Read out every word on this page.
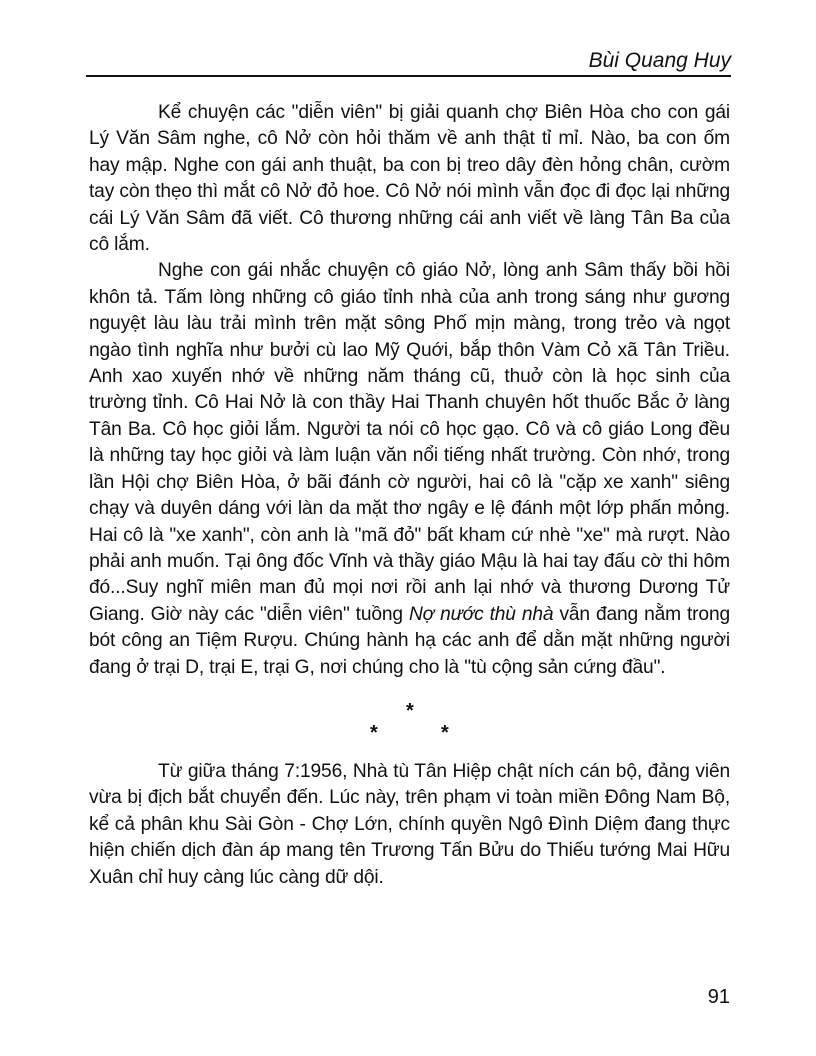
Bùi Quang Huy

Kể chuyện các "diễn viên" bị giải quanh chợ Biên Hòa cho con gái Lý Văn Sâm nghe, cô Nở còn hỏi thăm về anh thật tỉ mỉ. Nào, ba con ốm hay mập. Nghe con gái anh thuật, ba con bị treo dây đèn hỏng chân, cườm tay còn thẹo thì mắt cô Nở đỏ hoe. Cô Nở nói mình vẫn đọc đi đọc lại những cái Lý Văn Sâm đã viết. Cô thương những cái anh viết về làng Tân Ba của cô lắm.

Nghe con gái nhắc chuyện cô giáo Nở, lòng anh Sâm thấy bồi hồi khôn tả. Tấm lòng những cô giáo tỉnh nhà của anh trong sáng như gương nguyệt làu làu trải mình trên mặt sông Phố mịn màng, trong trẻo và ngọt ngào tình nghĩa như bưởi cù lao Mỹ Quới, bắp thôn Vàm Cỏ xã Tân Triều. Anh xao xuyến nhớ về những năm tháng cũ, thuở còn là học sinh của trường tỉnh. Cô Hai Nở là con thầy Hai Thanh chuyên hốt thuốc Bắc ở làng Tân Ba. Cô học giỏi lắm. Người ta nói cô học gạo. Cô và cô giáo Long đều là những tay học giỏi và làm luận văn nổi tiếng nhất trường. Còn nhớ, trong lần Hội chợ Biên Hòa, ở bãi đánh cờ người, hai cô là "cặp xe xanh" siêng chạy và duyên dáng với làn da mặt thơ ngây e lệ đánh một lớp phấn mỏng. Hai cô là "xe xanh", còn anh là "mã đỏ" bất kham cứ nhè "xe" mà rượt. Nào phải anh muốn. Tại ông đốc Vĩnh và thầy giáo Mậu là hai tay đấu cờ thi hôm đó...Suy nghĩ miên man đủ mọi nơi rồi anh lại nhớ và thương Dương Tử Giang. Giờ này các "diễn viên" tuồng Nợ nước thù nhà vẫn đang nằm trong bót công an Tiệm Rượu. Chúng hành hạ các anh để dằn mặt những người đang ở trại D, trại E, trại G, nơi chúng cho là "tù cộng sản cứng đầu".

*
*	*

Từ giữa tháng 7:1956, Nhà tù Tân Hiệp chật ních cán bộ, đảng viên vừa bị địch bắt chuyển đến. Lúc này, trên phạm vi toàn miền Đông Nam Bộ, kể cả phân khu Sài Gòn - Chợ Lớn, chính quyền Ngô Đình Diệm đang thực hiện chiến dịch đàn áp mang tên Trương Tấn Bửu do Thiếu tướng Mai Hữu Xuân chỉ huy càng lúc càng dữ dội.

91
